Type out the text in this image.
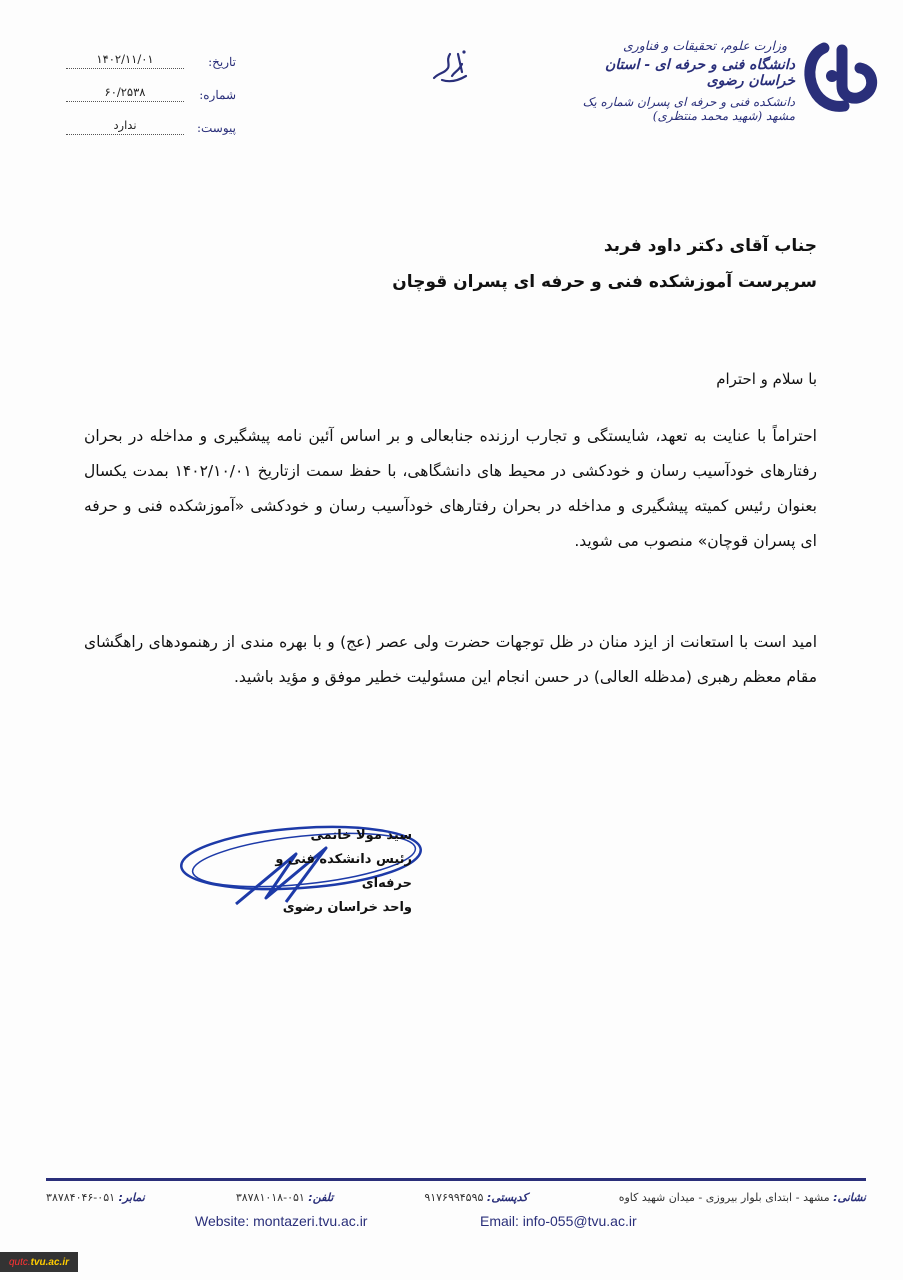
تاریخ:
۱۴۰۲/۱۱/۰۱
شماره:
۶۰/۲۵۳۸
پیوست:
ندارد
وزارت علوم، تحقیقات و فناوری
دانشگاه فنی و حرفه ای - استان خراسان رضوی
دانشکده فنی و حرفه ای پسران شماره یک مشهد (شهید محمد منتظری)
جناب آقای دکتر داود فربد
سرپرست آموزشکده فنی و حرفه ای پسران قوچان
با سلام و احترام
احتراماً با عنایت به تعهد، شایستگی و تجارب ارزنده جنابعالی و بر اساس آئین نامه پیشگیری و مداخله در بحران رفتارهای خودآسیب رسان و خودکشی در محیط های دانشگاهی، با حفظ سمت ازتاریخ ۱۴۰۲/۱۰/۰۱ بمدت یکسال بعنوان رئیس کمیته پیشگیری و مداخله در بحران رفتارهای خودآسیب رسان و خودکشی «آموزشکده فنی و حرفه ای پسران قوچان» منصوب می شوید.
امید است با استعانت از ایزد منان در ظل توجهات حضرت ولی عصر (عج) و با بهره مندی از رهنمودهای راهگشای مقام معظم رهبری (مدظله العالی) در حسن انجام این مسئولیت خطیر موفق و مؤید باشید.
سید مولا خانمی
رئیس دانشکده فنی و حرفه‌ای
واحد خراسان رضوی
نشانی: مشهد - ابتدای بلوار بیروزی - میدان شهید کاوه
کدپستی: ۹۱۷۶۹۹۴۵۹۵
تلفن: ۰۵۱-۳۸۷۸۱۰۱۸
نمابر: ۰۵۱-۳۸۷۸۴۰۴۶
Website: montazeri.tvu.ac.ir	Email: info-055@tvu.ac.ir
qutc. tvu.ac.ir
